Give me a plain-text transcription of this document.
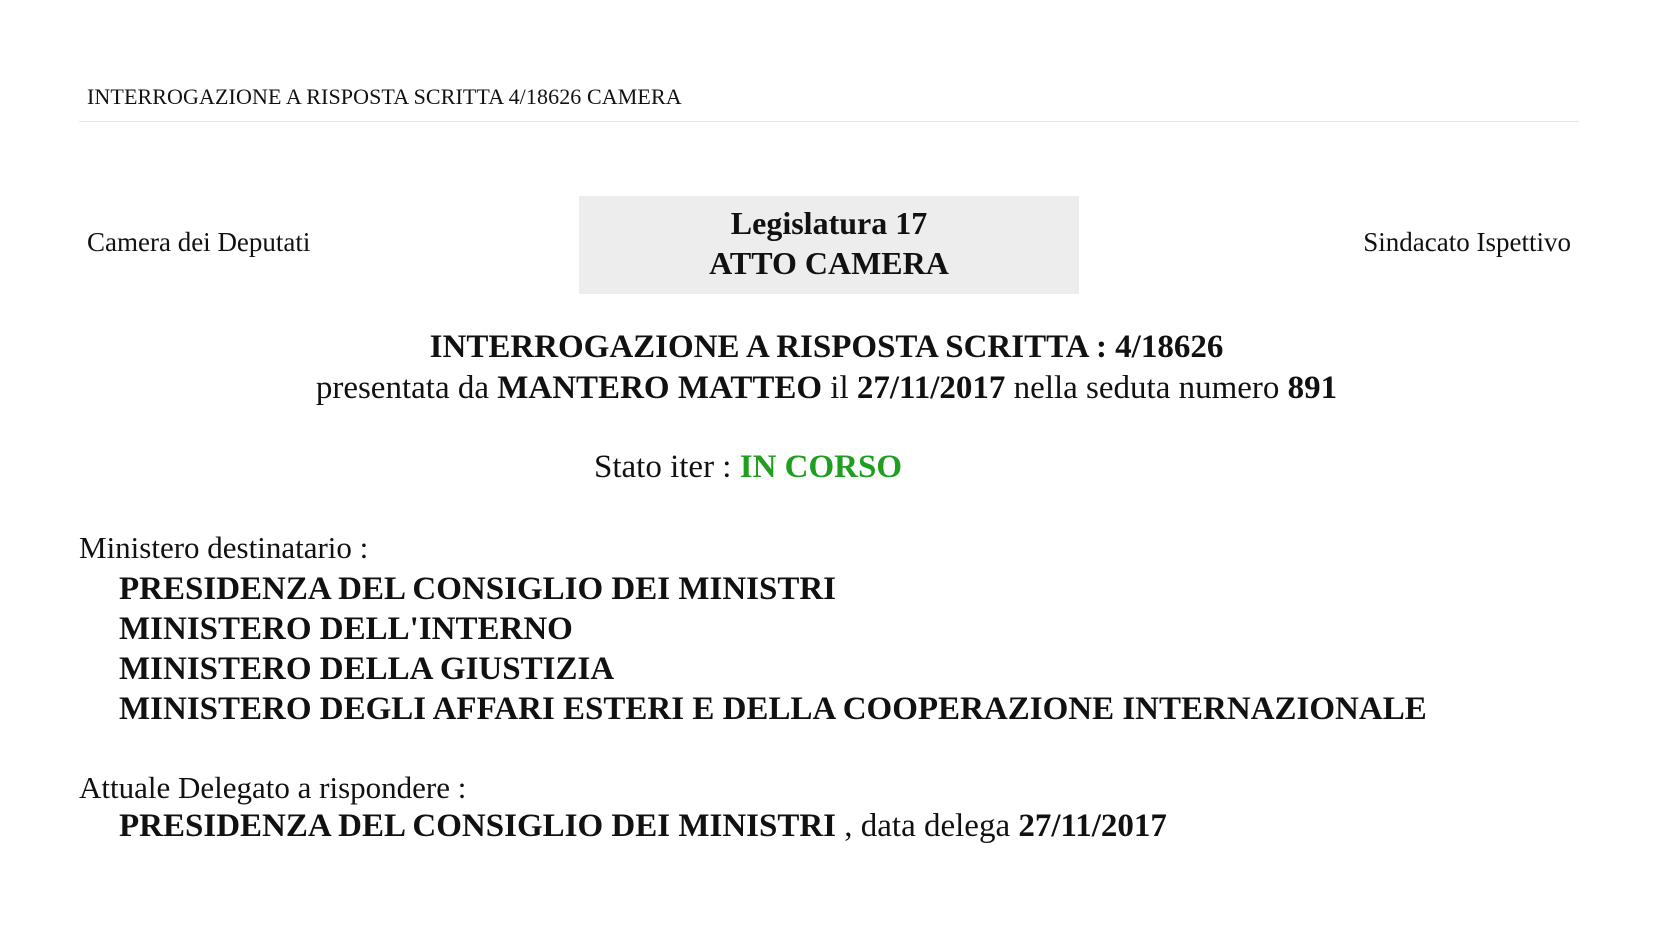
INTERROGAZIONE A RISPOSTA SCRITTA 4/18626 CAMERA
Camera dei Deputati
Legislatura 17
ATTO CAMERA
Sindacato Ispettivo
INTERROGAZIONE A RISPOSTA SCRITTA : 4/18626
presentata da MANTERO MATTEO il 27/11/2017 nella seduta numero 891
Stato iter : IN CORSO
Ministero destinatario :
PRESIDENZA DEL CONSIGLIO DEI MINISTRI
MINISTERO DELL'INTERNO
MINISTERO DELLA GIUSTIZIA
MINISTERO DEGLI AFFARI ESTERI E DELLA COOPERAZIONE INTERNAZIONALE
Attuale Delegato a rispondere :
PRESIDENZA DEL CONSIGLIO DEI MINISTRI , data delega 27/11/2017
